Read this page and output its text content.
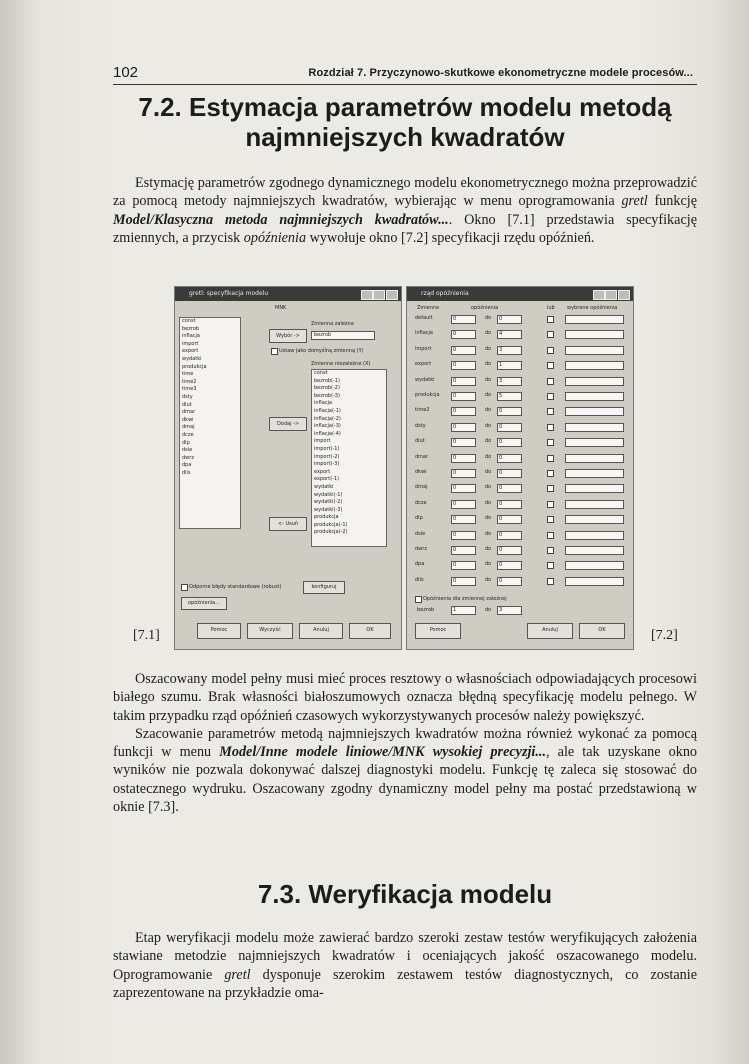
102	Rozdział 7. Przyczynowo-skutkowe ekonometryczne modele procesów...
7.2. Estymacja parametrów modelu metodą
najmniejszych kwadratów

Estymację parametrów zgodnego dynamicznego modelu ekonometrycznego można przeprowadzić za pomocą metody najmniejszych kwadratów, wybierając w menu oprogramowania gretl funkcję Model/Klasyczna metoda najmniejszych kwadratów.... Okno [7.1] przedstawia specyfikację zmiennych, a przycisk opóźnienia wywołuje okno [7.2] specyfikacji rzędu opóźnień.

gretl: specyfikacja modelu
MNK
const
bezrob
inflacja
import
export
wydatki
produkcja
time
time2
time3
dsty
dlut
dmar
dkwi
dmaj
dcze
dlp
dsie
dwrz
dpa
dlis
Zmienna zależna
Wybór ->	bezrob
Ustaw jako domyślną zmienną (Y)
Zmienne niezależne (X)
const
bezrob(-1)
bezrob(-2)
bezrob(-3)
inflacja
inflacja(-1)
inflacja(-2)
inflacja(-3)
inflacja(-4)
import
import(-1)
import(-2)
import(-3)
export
export(-1)
wydatki
wydatki(-1)
wydatki(-2)
wydatki(-3)
produkcja
produkcja(-1)
produkcja(-2)
Dodaj ->
<- Usuń
Odporne błędy standardowe (robust)	konfiguruj
opóźnienia...
Pomoc	Wyczyść	Anuluj	OK
[7.1]
rząd opóźnienia
Zmienne	opóźnienia	lub wybrane opóźnienia
default	0	do	0
inflacja	0	do	4
import	0	do	3
export	0	do	1
wydatki	0	do	3
produkcja	0	do	5
time2	0	do	0
dsty	0	do	0
dlut	0	do	0
dmar	0	do	0
dkwi	0	do	0
dmaj	0	do	0
dcze	0	do	0
dlp	0	do	0
dsie	0	do	0
dwrz	0	do	0
dpa	0	do	0
dlis	0	do	0
Opóźnienia dla zmiennej zależnej
bezrob	1	do	3
Pomoc	Anuluj	OK	[7.2]

Oszacowany model pełny musi mieć proces resztowy o własnościach odpowiadających procesowi białego szumu. Brak własności białoszumowych oznacza błędną specyfikację modelu pełnego. W takim przypadku rząd opóźnień czasowych wykorzystywanych procesów należy powiększyć.

Szacowanie parametrów metodą najmniejszych kwadratów można również wykonać za pomocą funkcji w menu Model/Inne modele liniowe/MNK wysokiej precyzji..., ale tak uzyskane okno wyników nie pozwala dokonywać dalszej diagnostyki modelu. Funkcję tę zaleca się stosować do ostatecznego wydruku. Oszacowany zgodny dynamiczny model pełny ma postać przedstawioną w oknie [7.3].

7.3. Weryfikacja modelu

Etap weryfikacji modelu może zawierać bardzo szeroki zestaw testów weryfikujących założenia stawiane metodzie najmniejszych kwadratów i oceniających jakość oszacowanego modelu. Oprogramowanie gretl dysponuje szerokim zestawem testów diagnostycznych, co zostanie zaprezentowane na przykładzie oma-
